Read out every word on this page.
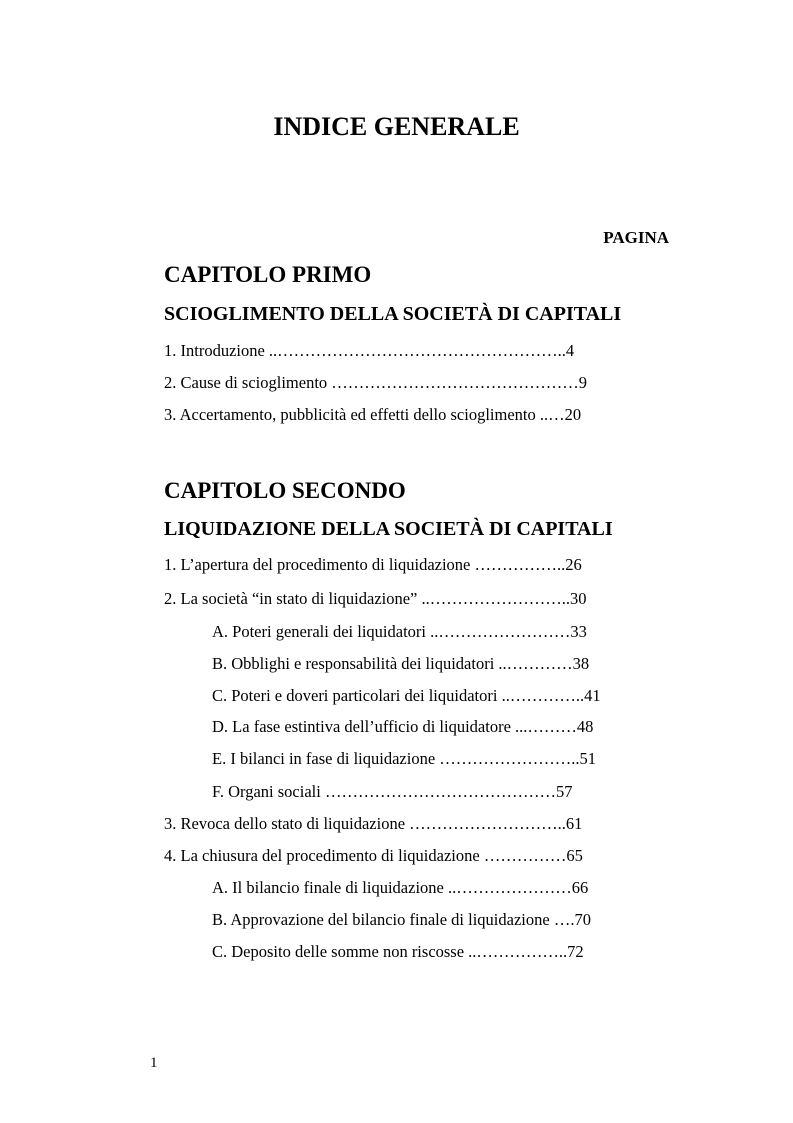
INDICE GENERALE
PAGINA
CAPITOLO PRIMO
SCIOGLIMENTO DELLA SOCIETÀ DI CAPITALI
1. Introduzione ..……………………………………………..4
2. Cause di scioglimento ………………………………………9
3. Accertamento, pubblicità ed effetti dello scioglimento ..…20
CAPITOLO SECONDO
LIQUIDAZIONE DELLA SOCIETÀ DI CAPITALI
1. L’apertura del procedimento di liquidazione ……………..26
2. La società “in stato di liquidazione” ..……………………..30
A. Poteri generali dei liquidatori ..……………………33
B. Obblighi e responsabilità dei liquidatori ..…………38
C. Poteri e doveri particolari dei liquidatori ..…………..41
D. La fase estintiva dell’ufficio di liquidatore ...………48
E. I bilanci in fase di liquidazione ……………………..51
F. Organi sociali ……………………………………57
3. Revoca dello stato di liquidazione ………………………..61
4. La chiusura del procedimento di liquidazione ……………65
A. Il bilancio finale di liquidazione ..…………………66
B. Approvazione del bilancio finale di liquidazione ….70
C. Deposito delle somme non riscosse ..……………..72
1
